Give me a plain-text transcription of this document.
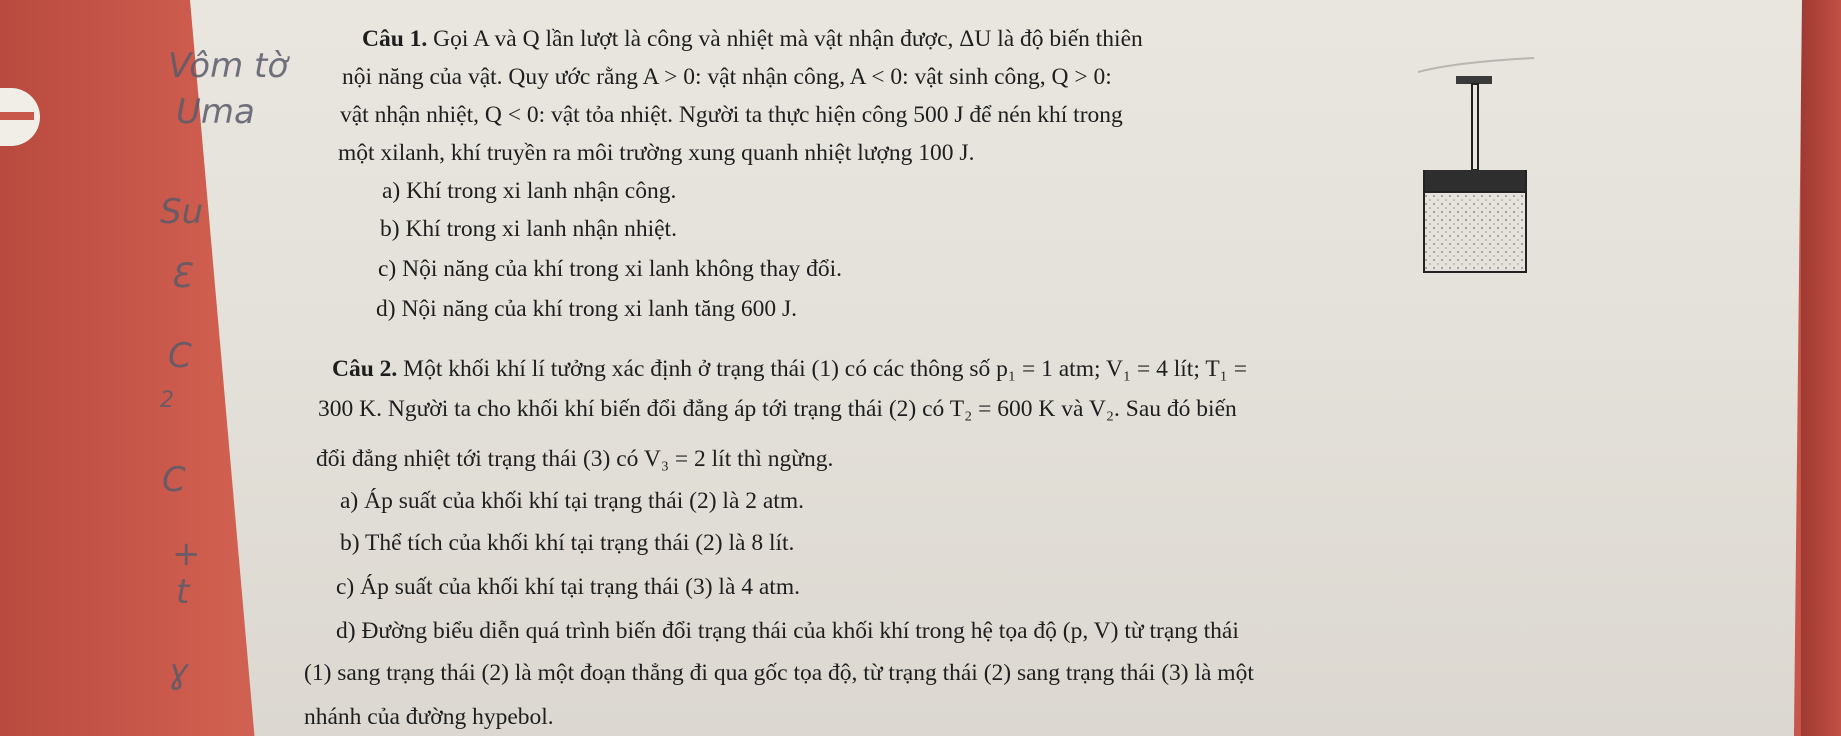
Vôm tờ
Uma
Su
Ɛ
C
2
C
+
t
ɣ
Câu 1. Gọi A và Q lần lượt là công và nhiệt mà vật nhận được, ΔU là độ biến thiên
nội năng của vật. Quy ước rằng A > 0: vật nhận công, A < 0: vật sinh công, Q > 0:
vật nhận nhiệt, Q < 0: vật tỏa nhiệt. Người ta thực hiện công 500 J để nén khí trong
một xilanh, khí truyền ra môi trường xung quanh nhiệt lượng 100 J.
a) Khí trong xi lanh nhận công.
b) Khí trong xi lanh nhận nhiệt.
c) Nội năng của khí trong xi lanh không thay đổi.
d) Nội năng của khí trong xi lanh tăng 600 J.
Câu 2. Một khối khí lí tưởng xác định ở trạng thái (1) có các thông số p₁ = 1 atm; V₁ = 4 lít; T₁ =
300 K. Người ta cho khối khí biến đổi đẳng áp tới trạng thái (2) có T₂ = 600 K và V₂. Sau đó biến
đổi đẳng nhiệt tới trạng thái (3) có V₃ = 2 lít thì ngừng.
a) Áp suất của khối khí tại trạng thái (2) là 2 atm.
b) Thể tích của khối khí tại trạng thái (2) là 8 lít.
c) Áp suất của khối khí tại trạng thái (3) là 4 atm.
d) Đường biểu diễn quá trình biến đổi trạng thái của khối khí trong hệ tọa độ (p, V) từ trạng thái
(1) sang trạng thái (2) là một đoạn thẳng đi qua gốc tọa độ, từ trạng thái (2) sang trạng thái (3) là một
nhánh của đường hypebol.
